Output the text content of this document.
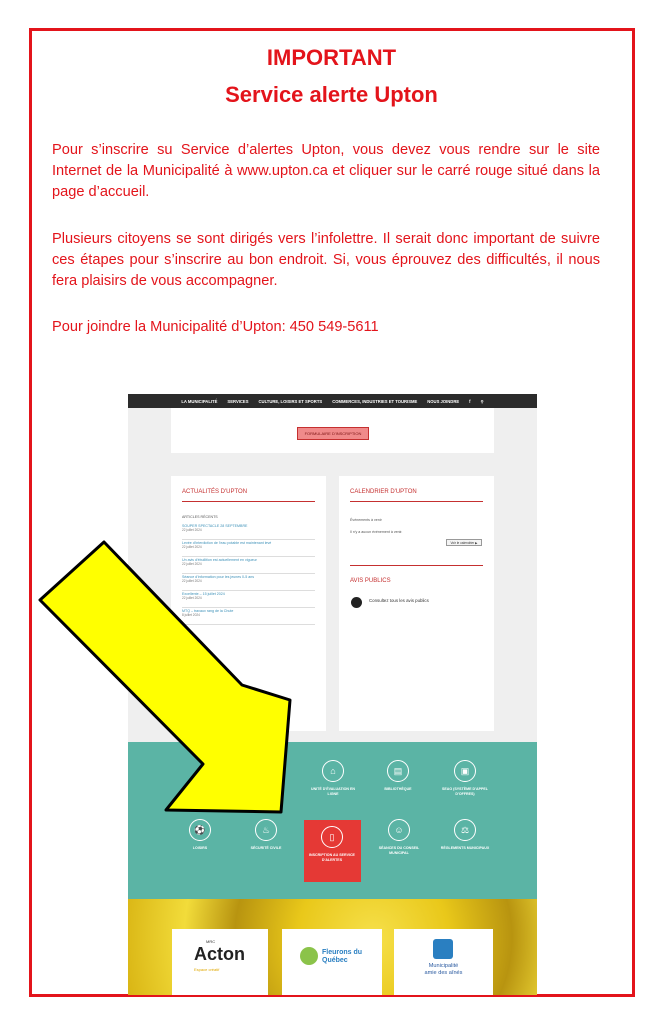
IMPORTANT
Service alerte Upton

Pour s’inscrire su Service d’alertes Upton, vous devez vous rendre sur le site Internet de la Municipalité à www.upton.ca et cliquer sur le carré rouge situé dans la page d’accueil.

Plusieurs citoyens se sont dirigés vers l’infolettre. Il serait donc important de suivre ces étapes pour s’inscrire au bon endroit. Si, vous éprouvez des difficultés, il nous fera plaisirs de vous accompagner.

Pour joindre la Municipalité d’Upton: 450 549-5611

LA MUNICIPALITÉ SERVICES CULTURE, LOISIRS ET SPORTS COMMERCES, INDUSTRIES ET TOURISME NOUS JOINDRE f ⚲
FORMULAIRE D'INSCRIPTION
ACTUALITÉS D'UPTON
ARTICLES RÉCENTS
SOUPER SPECTACLE 28 SEPTEMBRE
22 juillet 2024
Levée d'interdiction de l'eau potable est maintenant levé
22 juillet 2024
Un avis d'ébullition est actuellement en vigueur
22 juillet 2024
Séance d'information pour les jeunes 0-5 ans
22 juillet 2024
Excellente – 15 juillet 2024
22 juillet 2024
MTQ – travaux rang de la Chute
8 juillet 2024
CALENDRIER D'UPTON
Événements à venir
Il n'y a aucun événement à venir.
Voir le calendrier ▶
AVIS PUBLICS
Consultez tous les avis publics
⌂
UNITÉ D'ÉVALUATION EN LIGNE
▤
BIBLIOTHÈQUE
▣
SEAO (SYSTÈME D'APPEL D'OFFRES)
⚽
LOISIRS
♨
SÉCURITÉ CIVILE
▯
INSCRIPTION AU SERVICE D'ALERTES
☺
SÉANCES DU CONSEIL MUNICIPAL
⚖
RÈGLEMENTS MUNICIPAUX
MRC
Acton
Espace créatif
Fleurons du Québec
Municipalité
amie des aînés
